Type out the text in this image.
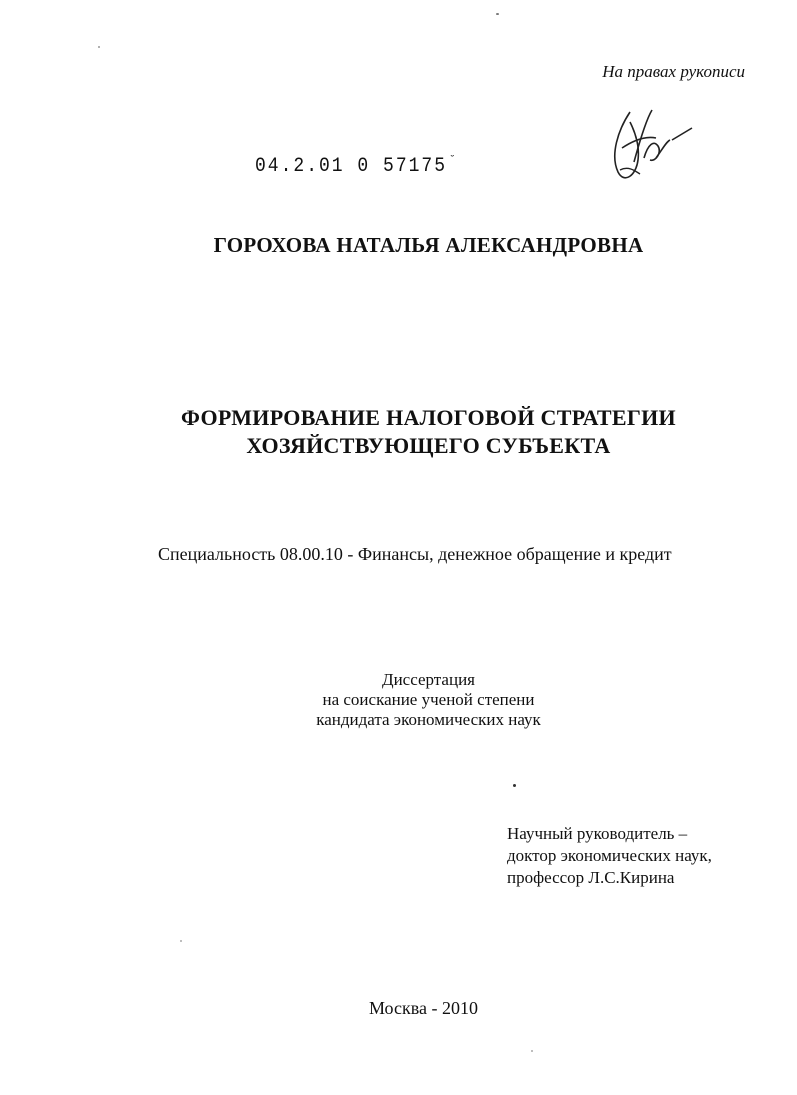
На правах рукописи
04.2.01 0 57175 ˘
ГОРОХОВА НАТАЛЬЯ АЛЕКСАНДРОВНА
ФОРМИРОВАНИЕ НАЛОГОВОЙ СТРАТЕГИИ
ХОЗЯЙСТВУЮЩЕГО СУБЪЕКТА
Специальность 08.00.10 - Финансы, денежное обращение и кредит
Диссертация
на соискание ученой степени
кандидата экономических наук
Научный руководитель –
доктор экономических наук,
профессор Л.С.Кирина
Москва - 2010
